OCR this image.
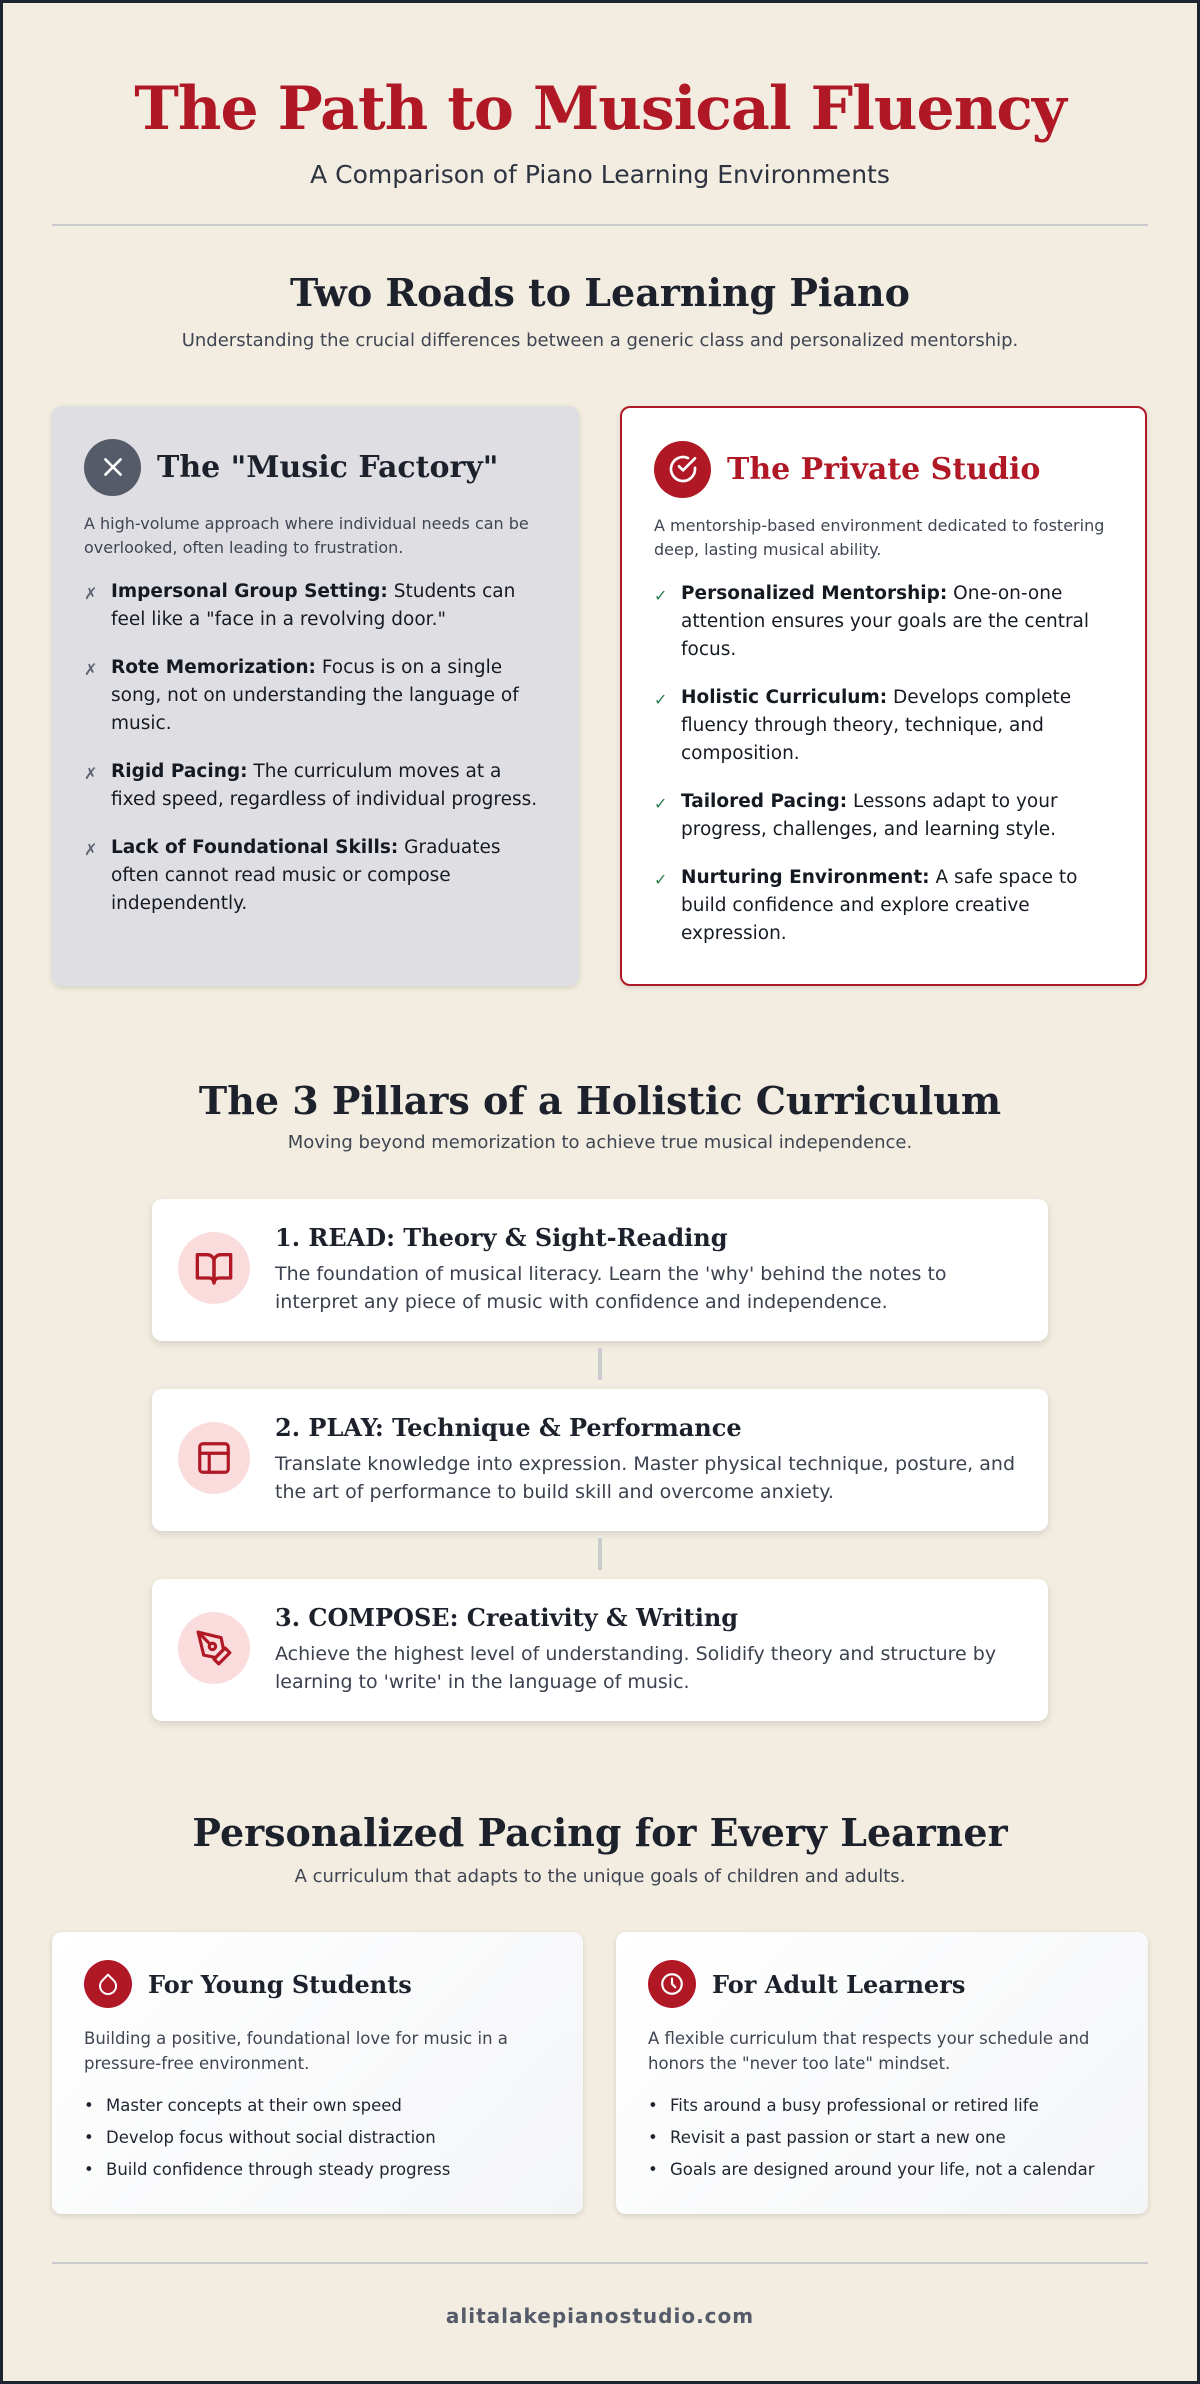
The Path to Musical Fluency
A Comparison of Piano Learning Environments
Two Roads to Learning Piano
Understanding the crucial differences between a generic class and personalized mentorship.
The "Music Factory"

A high-volume approach where individual needs can be overlooked, often leading to frustration.

✗ Impersonal Group Setting: Students can feel like a "face in a revolving door."
✗ Rote Memorization: Focus is on a single song, not on understanding the language of music.
✗ Rigid Pacing: The curriculum moves at a fixed speed, regardless of individual progress.
✗ Lack of Foundational Skills: Graduates often cannot read music or compose independently.
The Private Studio

A mentorship-based environment dedicated to fostering deep, lasting musical ability.

✓ Personalized Mentorship: One-on-one attention ensures your goals are the central focus.
✓ Holistic Curriculum: Develops complete fluency through theory, technique, and composition.
✓ Tailored Pacing: Lessons adapt to your progress, challenges, and learning style.
✓ Nurturing Environment: A safe space to build confidence and explore creative expression.
The 3 Pillars of a Holistic Curriculum
Moving beyond memorization to achieve true musical independence.
1. READ: Theory & Sight-Reading
The foundation of musical literacy. Learn the 'why' behind the notes to interpret any piece of music with confidence and independence.
2. PLAY: Technique & Performance
Translate knowledge into expression. Master physical technique, posture, and the art of performance to build skill and overcome anxiety.
3. COMPOSE: Creativity & Writing
Achieve the highest level of understanding. Solidify theory and structure by learning to 'write' in the language of music.
Personalized Pacing for Every Learner
A curriculum that adapts to the unique goals of children and adults.
For Young Students

Building a positive, foundational love for music in a pressure-free environment.

• Master concepts at their own speed
• Develop focus without social distraction
• Build confidence through steady progress
For Adult Learners

A flexible curriculum that respects your schedule and honors the "never too late" mindset.

• Fits around a busy professional or retired life
• Revisit a past passion or start a new one
• Goals are designed around your life, not a calendar
alitalakepianostudio.com
